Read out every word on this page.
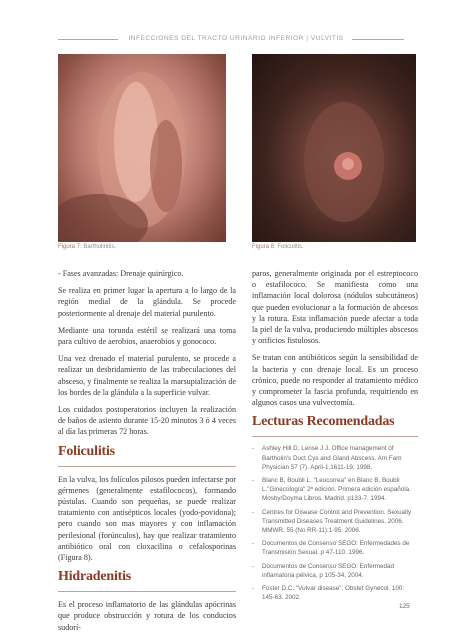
INFECCIONES DEL TRACTO URINARIO INFERIOR | VULVITIS
Figura 7: Bartholinitis.	Figura 8: Foliculitis.

- Fases avanzadas: Drenaje quirúrgico.

Se realiza en primer lugar la apertura a lo largo de la región medial de la glándula. Se procede posteriormente al drenaje del material purulento.

Mediante una torunda estéril se realizará una toma para cultivo de aerobios, anaerobios y gonococo.

Una vez drenado el material purulento, se procede a realizar un desbridamiento de las trabeculaciones del absceso, y finalmente se realiza la marsupialización de los bordes de la glándula a la superficie vulvar.

Los cuidados postoperatorios incluyen la realización de baños de asiento durante 15-20 minutos 3 ó 4 veces al día las primeras 72 horas.

Foliculitis

En la vulva, los folículos pilosos pueden infectarse por gérmenes (generalmente estafilococos), formando pústulas. Cuando son pequeñas, se puede realizar tratamiento con antisépticos locales (yodo-povidona); pero cuando son mas mayores y con inflamación perilesional (forúnculos), hay que realizar tratamiento antibiótico oral con cloxacilina o cefalosporinas (Figura 8).

Hidradenitis

Es el proceso inflamatorio de las glándulas apócrinas que produce obstrucción y rotura de los conductos sudorí-

paros, generalmente originada por el estreptococo o estafilococo. Se manifiesta como una inflamación local dolorosa (nódulos subcutáneos) que pueden evolucionar a la formación de abcesos y la rotura. Esta inflamación puede afectar a toda la piel de la vulva, produciendo múltiples abscesos y orificios fistulosos.

Se tratan con antibióticos según la sensibilidad de la bacteria y con drenaje local. Es un proceso crónico, puede no responder al tratamiento médico y comprometer la fascia profunda, requiriendo en algunos casos una vulvectomía.

Lecturas Recomendadas
-	Ashley Hill D, Lense J J. Office management of Bartholin's Duct Cys and Gland Abscess. Am Fam Physician 57 (7). April-1.1611-19. 1998.
-	Blanc B, Boubli L. "Leucorrea" en Blanc B, Boubli L."Ginecología" 2ª edición. Primera edición española. Mosby/Doyma Libros. Madrid. p133-7. 1994.
-	Centres for Disease Control and Prevention. Sexually Transmitted Diseases Treatment Guidelines, 2006. MMWR. 55 (No RR-11):1-95. 2006.
-	Documentos de Consenso SEGO: Enfermedades de Transmisión Sexual. p 47-110. 1996.
-	Documentos de Consenso SEGO: Enfermedad inflamatoria pélvica, p 105-34, 2004.
-	Foster D.C. "Vulvar disease". Obstet Gynecol. 100: 145-63. 2002.
125
